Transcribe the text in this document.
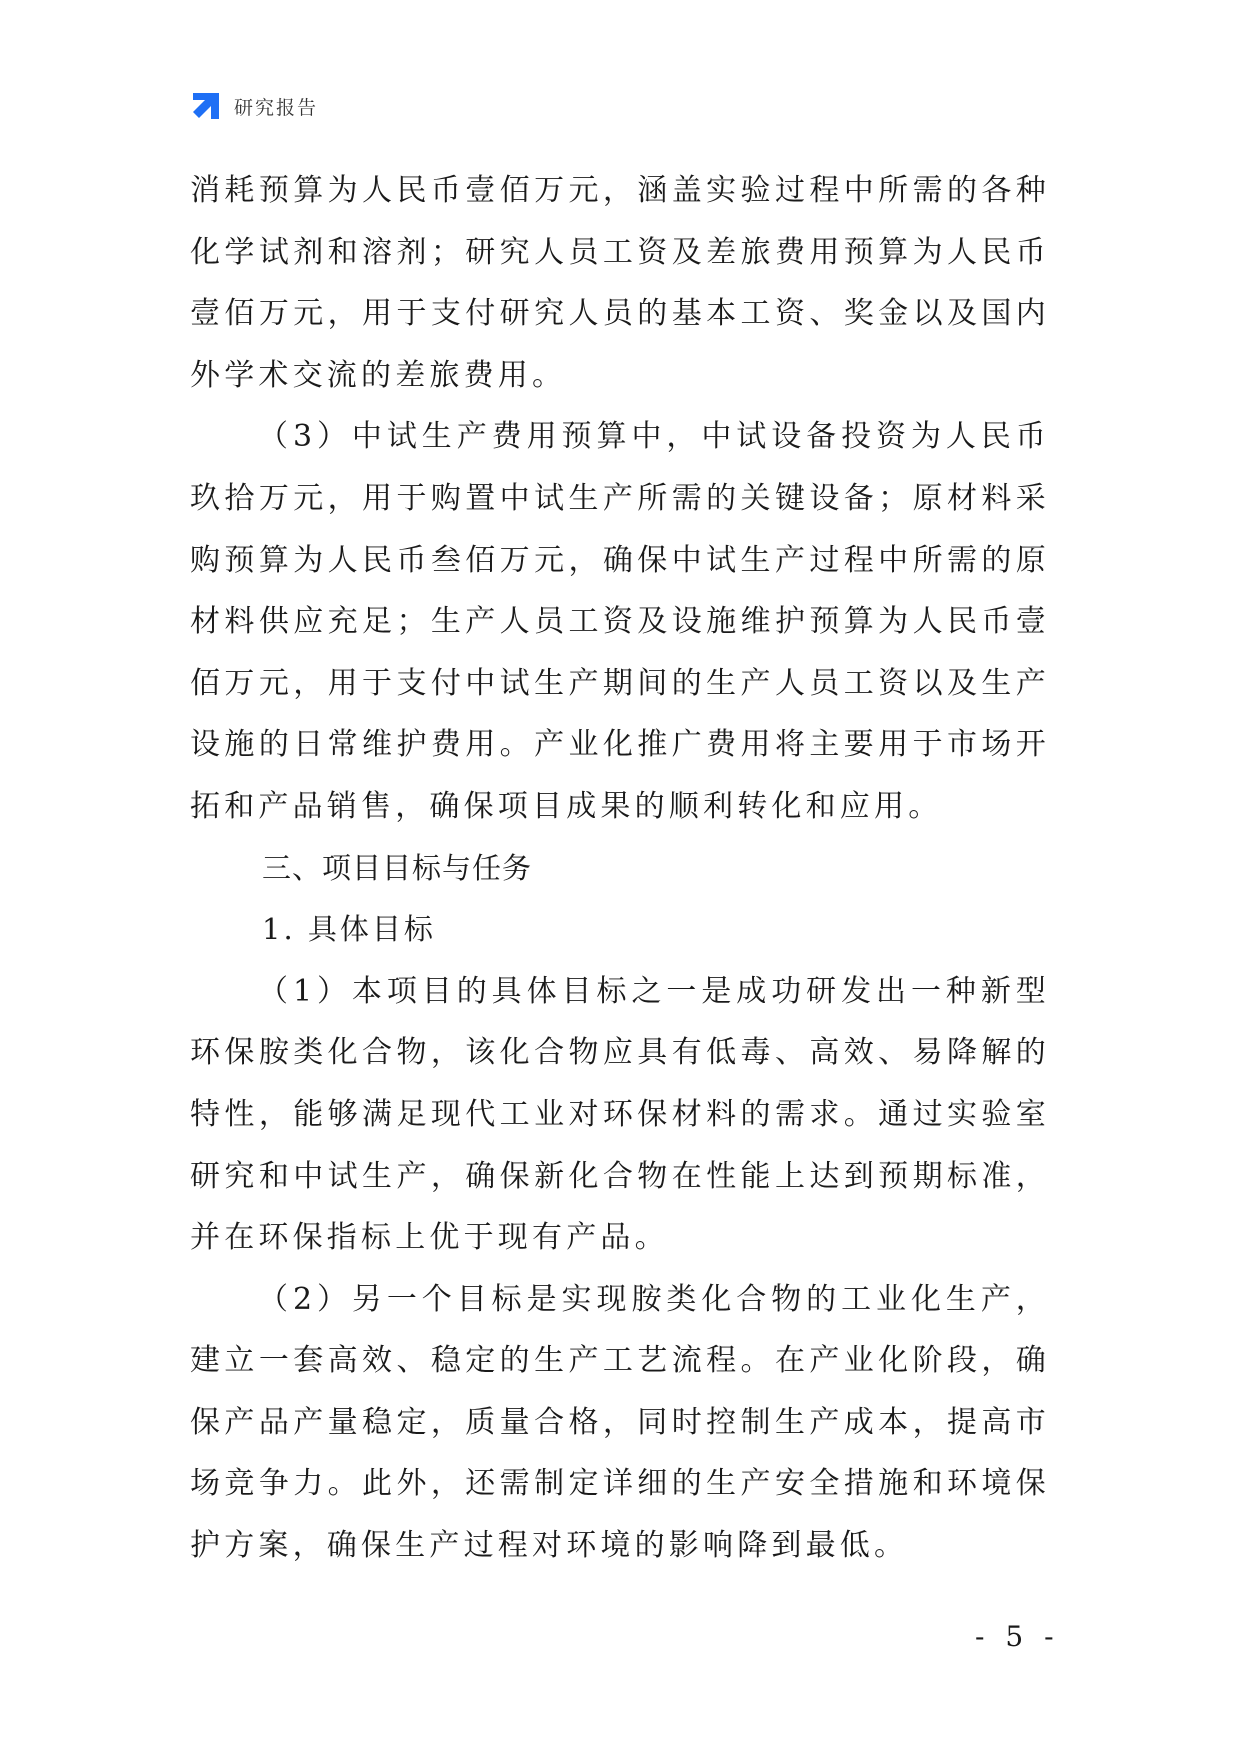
研究报告

消耗预算为人民币壹佰万元，涵盖实验过程中所需的各种化学试剂和溶剂；研究人员工资及差旅费用预算为人民币壹佰万元，用于支付研究人员的基本工资、奖金以及国内外学术交流的差旅费用。

（3）中试生产费用预算中，中试设备投资为人民币玖拾万元，用于购置中试生产所需的关键设备；原材料采购预算为人民币叁佰万元，确保中试生产过程中所需的原材料供应充足；生产人员工资及设施维护预算为人民币壹佰万元，用于支付中试生产期间的生产人员工资以及生产设施的日常维护费用。产业化推广费用将主要用于市场开拓和产品销售，确保项目成果的顺利转化和应用。

三、项目目标与任务
1. 具体目标

（1）本项目的具体目标之一是成功研发出一种新型环保胺类化合物，该化合物应具有低毒、高效、易降解的特性，能够满足现代工业对环保材料的需求。通过实验室研究和中试生产，确保新化合物在性能上达到预期标准，并在环保指标上优于现有产品。

（2）另一个目标是实现胺类化合物的工业化生产，建立一套高效、稳定的生产工艺流程。在产业化阶段，确保产品产量稳定，质量合格，同时控制生产成本，提高市场竞争力。此外，还需制定详细的生产安全措施和环境保护方案，确保生产过程对环境的影响降到最低。

- 5 -
